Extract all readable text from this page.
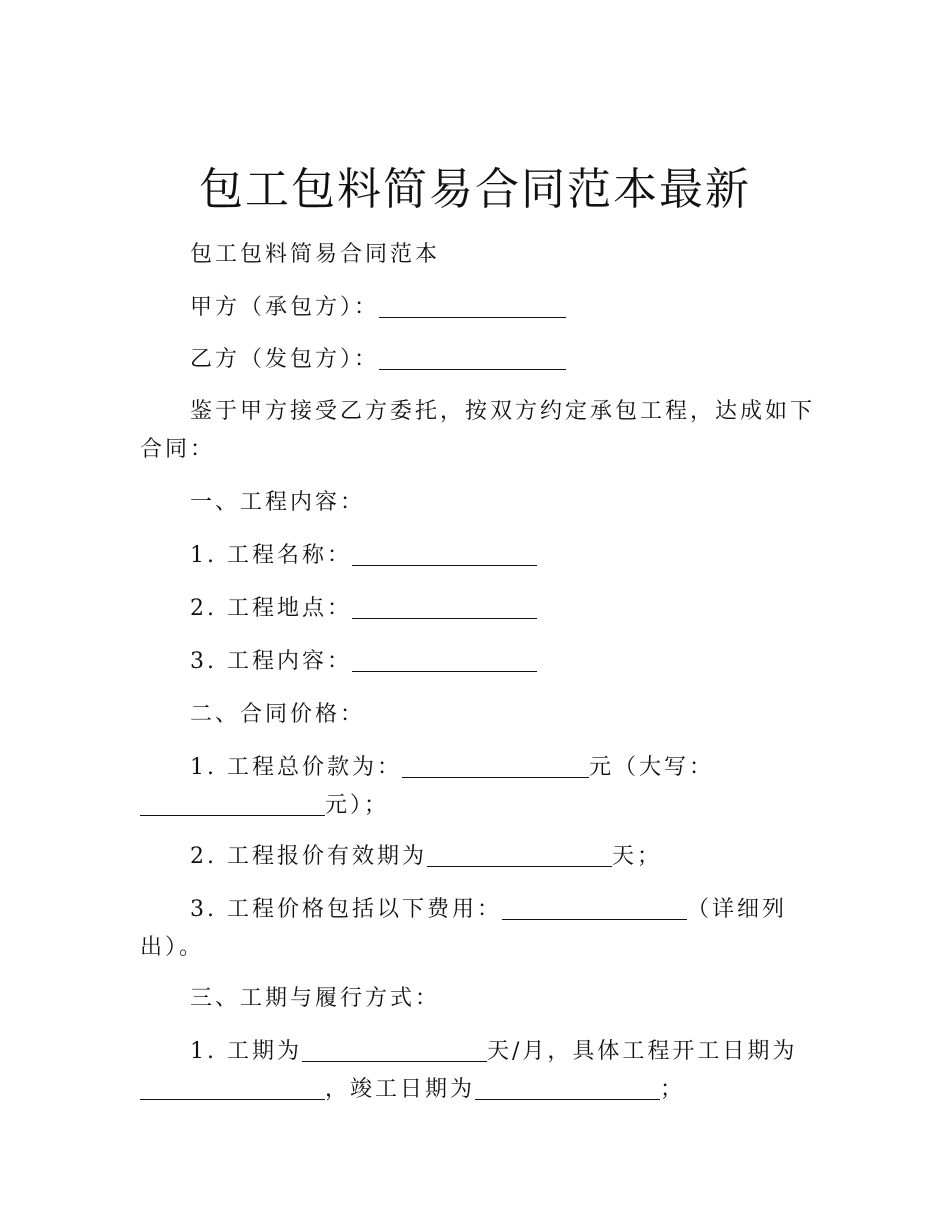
包工包料简易合同范本最新
包工包料简易合同范本
甲方（承包方）：
乙方（发包方）：
鉴于甲方接受乙方委托，按双方约定承包工程，达成如下
合同：
一、工程内容：
1. 工程名称：
2. 工程地点：
3. 工程内容：
二、合同价格：
1. 工程总价款为：	元（大写：
元）；
2. 工程报价有效期为	天；
3. 工程价格包括以下费用：	（详细列
出）。
三、工期与履行方式：
1. 工期为	天/月，具体工程开工日期为
，竣工日期为	；
